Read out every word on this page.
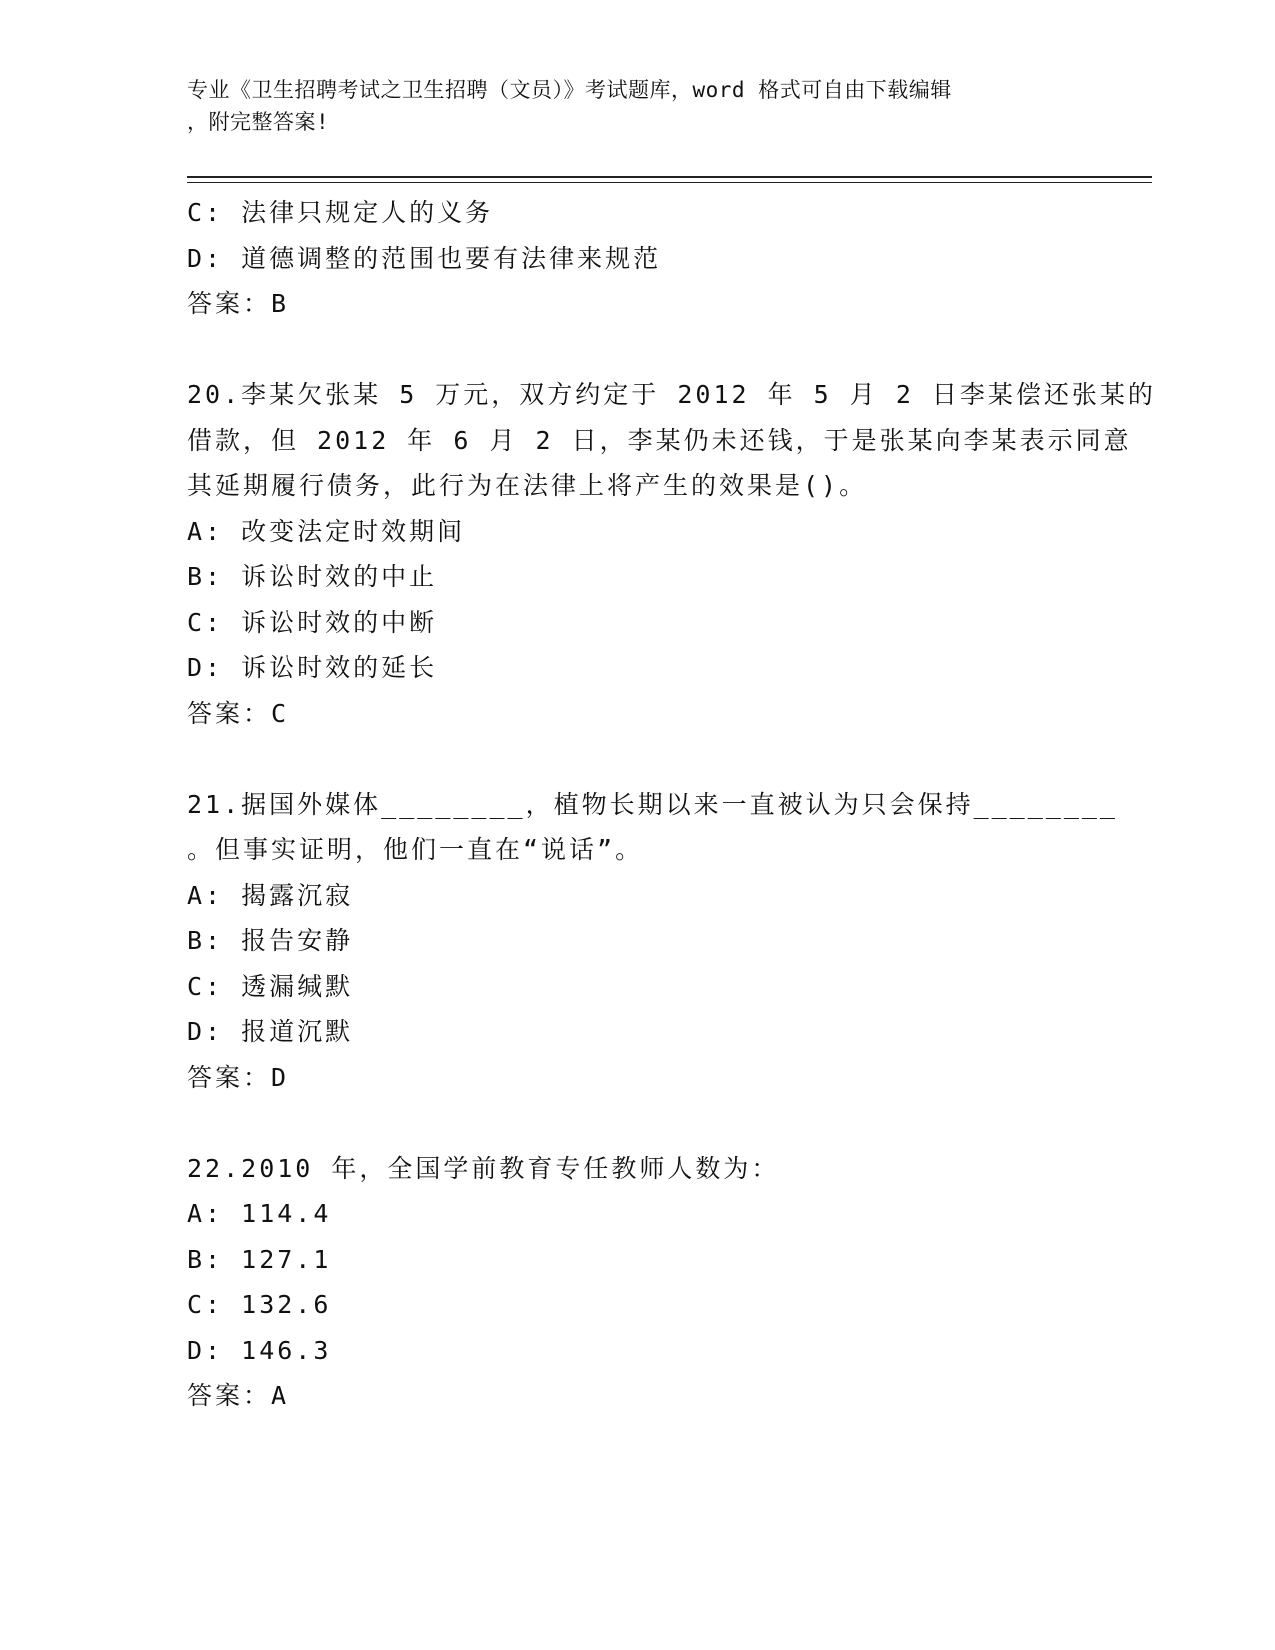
专业《卫生招聘考试之卫生招聘（文员）》考试题库，word 格式可自由下载编辑
，附完整答案!
C: 法律只规定人的义务
D: 道德调整的范围也要有法律来规范
答案：B
20.李某欠张某 5 万元，双方约定于 2012 年 5 月 2 日李某偿还张某的
借款，但 2012 年 6 月 2 日，李某仍未还钱，于是张某向李某表示同意
其延期履行债务，此行为在法律上将产生的效果是()。
A: 改变法定时效期间
B: 诉讼时效的中止
C: 诉讼时效的中断
D: 诉讼时效的延长
答案：C
21.据国外媒体________，植物长期以来一直被认为只会保持________
。但事实证明，他们一直在“说话”。
A: 揭露沉寂
B: 报告安静
C: 透漏缄默
D: 报道沉默
答案：D
22.2010 年，全国学前教育专任教师人数为：
A: 114.4
B: 127.1
C: 132.6
D: 146.3
答案：A
